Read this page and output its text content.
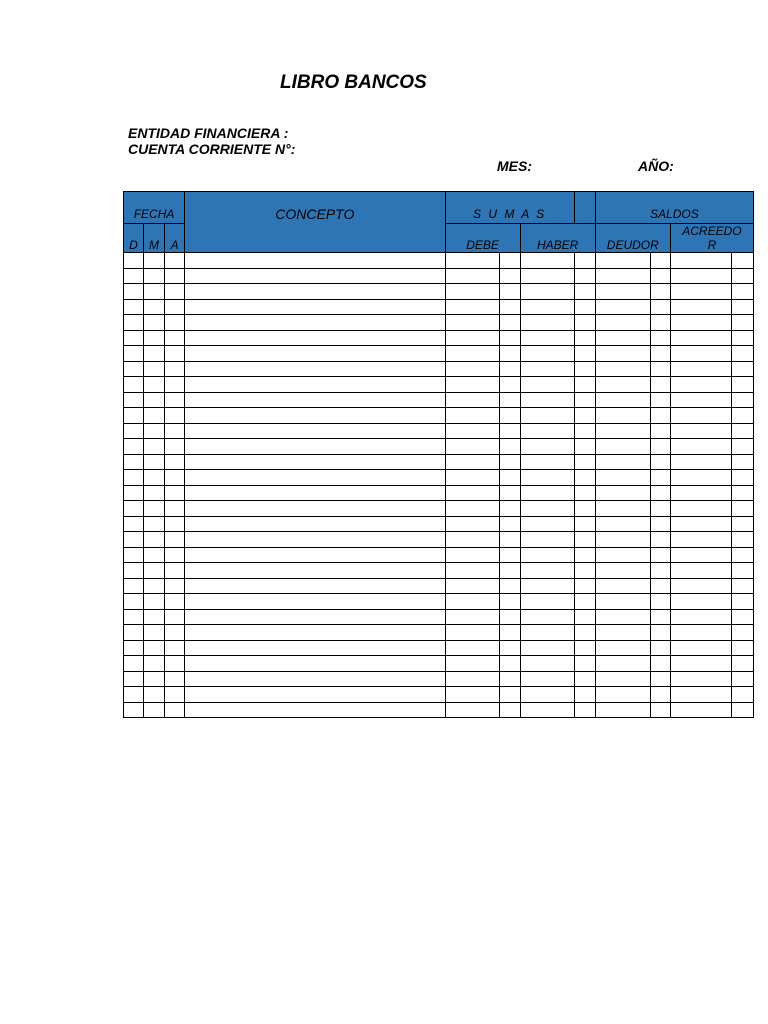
LIBRO BANCOS
ENTIDAD FINANCIERA :
CUENTA CORRIENTE N°:
MES:	AÑO:
FECHA			CONCEPTO	S U M A S				SALDOS			

D	M	A		DEBE		HABER		DEUDOR		ACREEDO
R	
